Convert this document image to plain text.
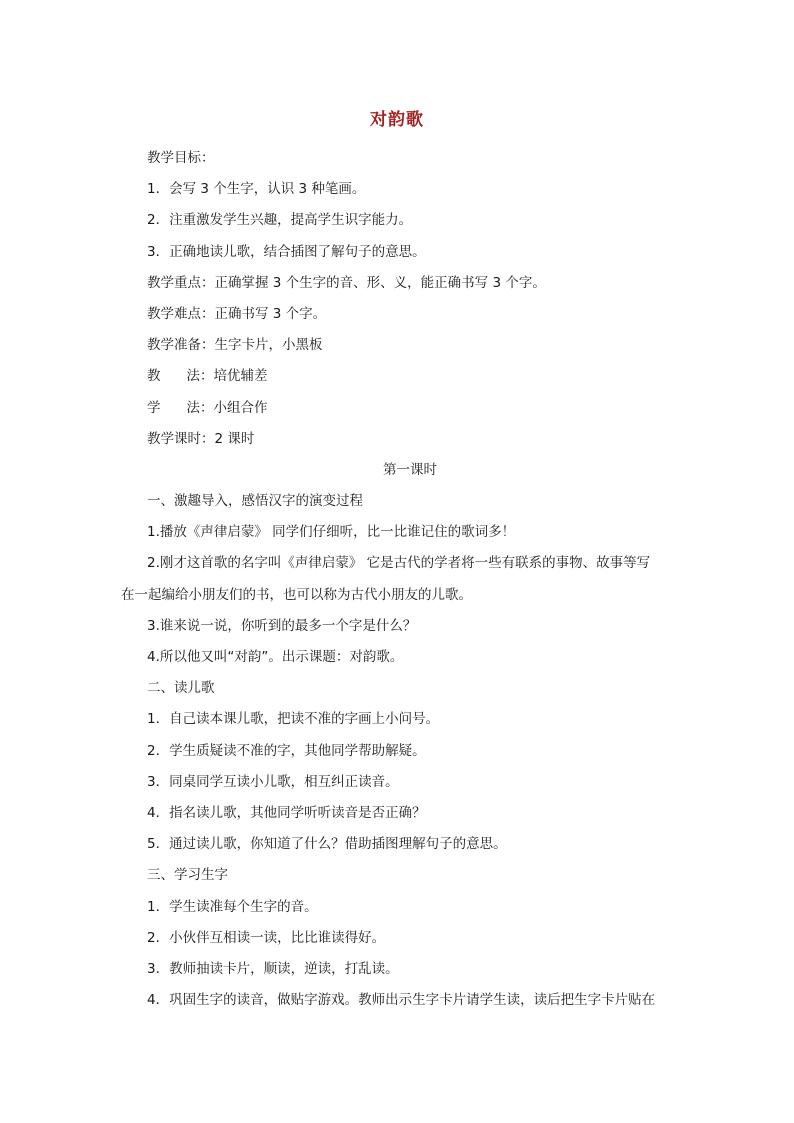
对韵歌
教学目标：
1．会写 3 个生字，认识 3 种笔画。
2．注重激发学生兴趣，提高学生识字能力。
3．正确地读儿歌，结合插图了解句子的意思。
教学重点：正确掌握 3 个生字的音、形、义，能正确书写 3 个字。
教学难点：正确书写 3 个字。
教学准备：生字卡片，小黑板
教 法：培优辅差
学 法：小组合作
教学课时：2 课时
第一课时
一、激趣导入，感悟汉字的演变过程
1.播放《声律启蒙》 同学们仔细听，比一比谁记住的歌词多！
2.刚才这首歌的名字叫《声律启蒙》 它是古代的学者将一些有联系的事物、故事等写
在一起编给小朋友们的书，也可以称为古代小朋友的儿歌。
3.谁来说一说，你听到的最多一个字是什么？
4.所以他又叫“对韵”。出示课题：对韵歌。
二、读儿歌
1．自己读本课儿歌，把读不准的字画上小问号。
2．学生质疑读不准的字，其他同学帮助解疑。
3．同桌同学互读小儿歌，相互纠正读音。
4．指名读儿歌，其他同学听听读音是否正确？
5．通过读儿歌，你知道了什么？借助插图理解句子的意思。
三、学习生字
1．学生读准每个生字的音。
2．小伙伴互相读一读，比比谁读得好。
3．教师抽读卡片，顺读，逆读，打乱读。
4．巩固生字的读音，做贴字游戏。教师出示生字卡片请学生读，读后把生字卡片贴在
